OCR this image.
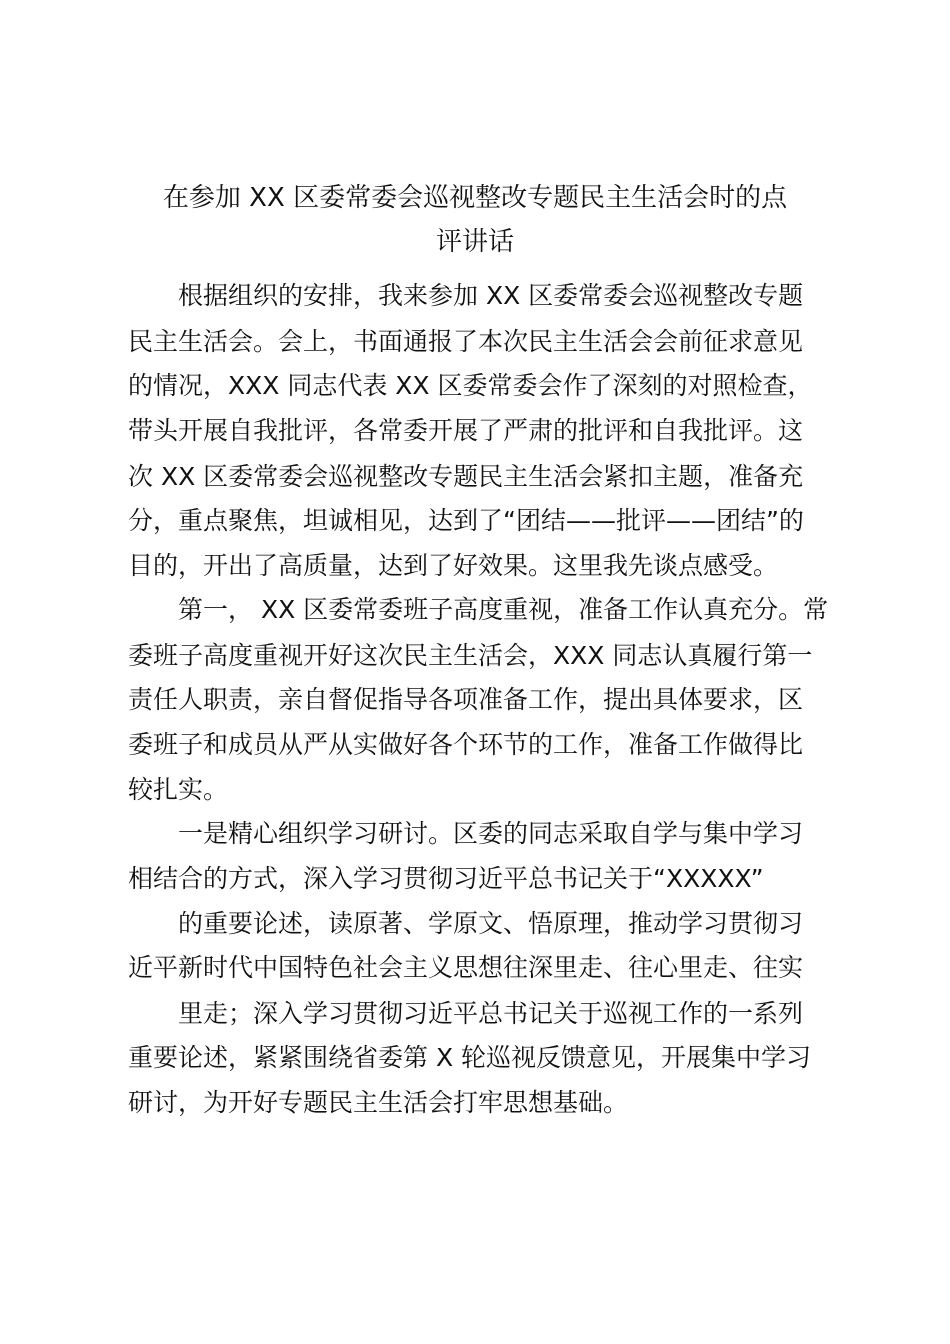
在参加 XX 区委常委会巡视整改专题民主生活会时的点
评讲话

根据组织的安排，我来参加 XX 区委常委会巡视整改专题

民主生活会。会上，书面通报了本次民主生活会会前征求意见

的情况，XXX 同志代表 XX 区委常委会作了深刻的对照检查，

带头开展自我批评，各常委开展了严肃的批评和自我批评。这

次 XX 区委常委会巡视整改专题民主生活会紧扣主题，准备充

分，重点聚焦，坦诚相见，达到了“团结——批评——团结”的

目的，开出了高质量，达到了好效果。这里我先谈点感受。

第一， XX 区委常委班子高度重视，准备工作认真充分。常

委班子高度重视开好这次民主生活会，XXX 同志认真履行第一

责任人职责，亲自督促指导各项准备工作，提出具体要求，区

委班子和成员从严从实做好各个环节的工作，准备工作做得比

较扎实。

一是精心组织学习研讨。区委的同志采取自学与集中学习

相结合的方式，深入学习贯彻习近平总书记关于“XXXXX”

的重要论述，读原著、学原文、悟原理，推动学习贯彻习

近平新时代中国特色社会主义思想往深里走、往心里走、往实

里走；深入学习贯彻习近平总书记关于巡视工作的一系列

重要论述，紧紧围绕省委第 X 轮巡视反馈意见，开展集中学习

研讨，为开好专题民主生活会打牢思想基础。
